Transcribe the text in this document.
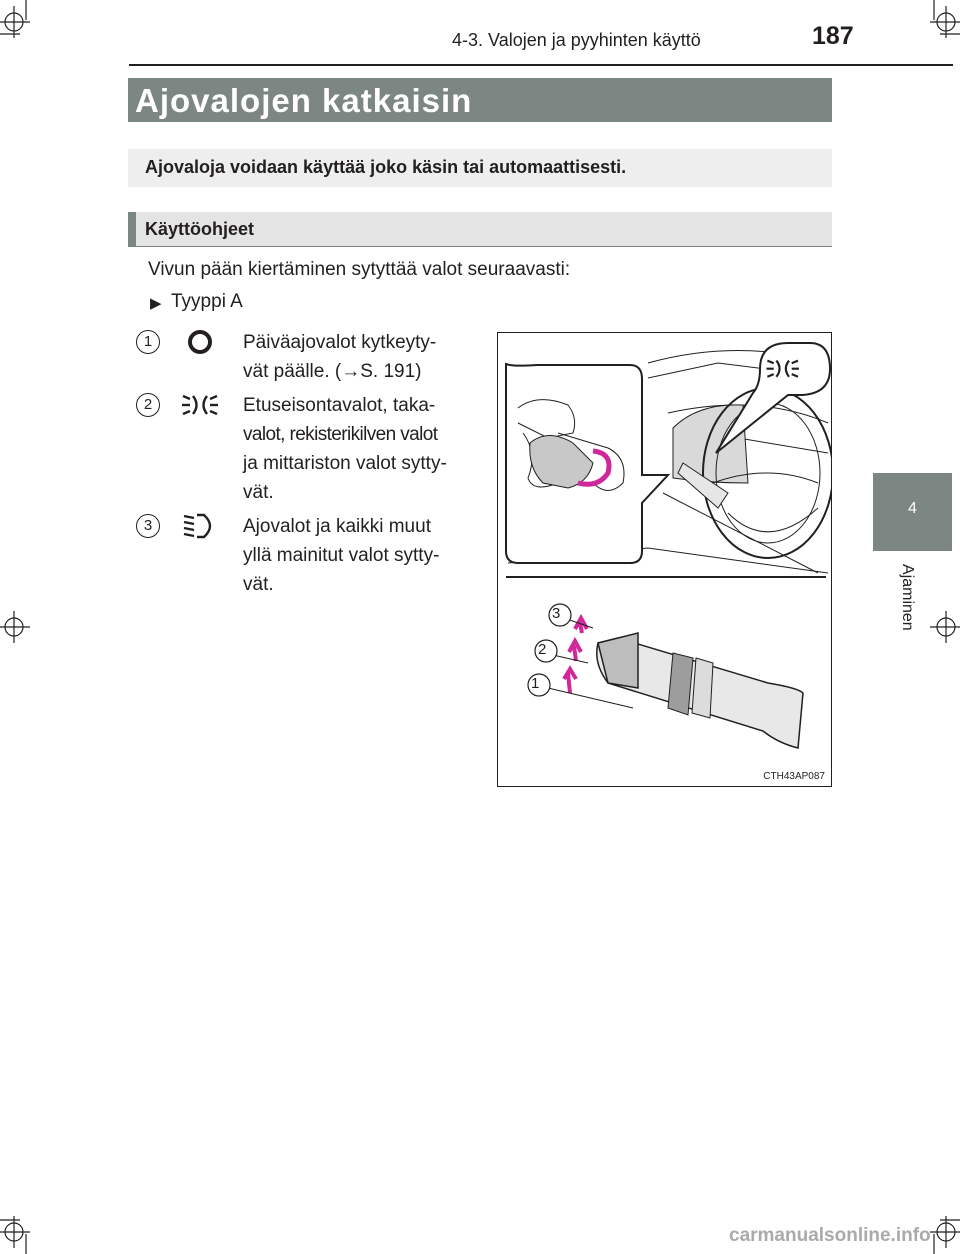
4-3. Valojen ja pyyhinten käyttö	187
4
Ajaminen
Ajovalojen katkaisin
Ajovaloja voidaan käyttää joko käsin tai automaattisesti.
Käyttöohjeet
Vivun pään kiertäminen sytyttää valot seuraavasti:
▶ Tyyppi A
1	Päiväajovalot kytkeyty-
vät päälle. (→S. 191)
2	Etuseisontavalot, taka-
valot, rekisterikilven valot
ja mittariston valot sytty-
vät.
3	Ajovalot ja kaikki muut
yllä mainitut valot sytty-
vät.
3
2
1
CTH43AP087
carmanualsonline.info
